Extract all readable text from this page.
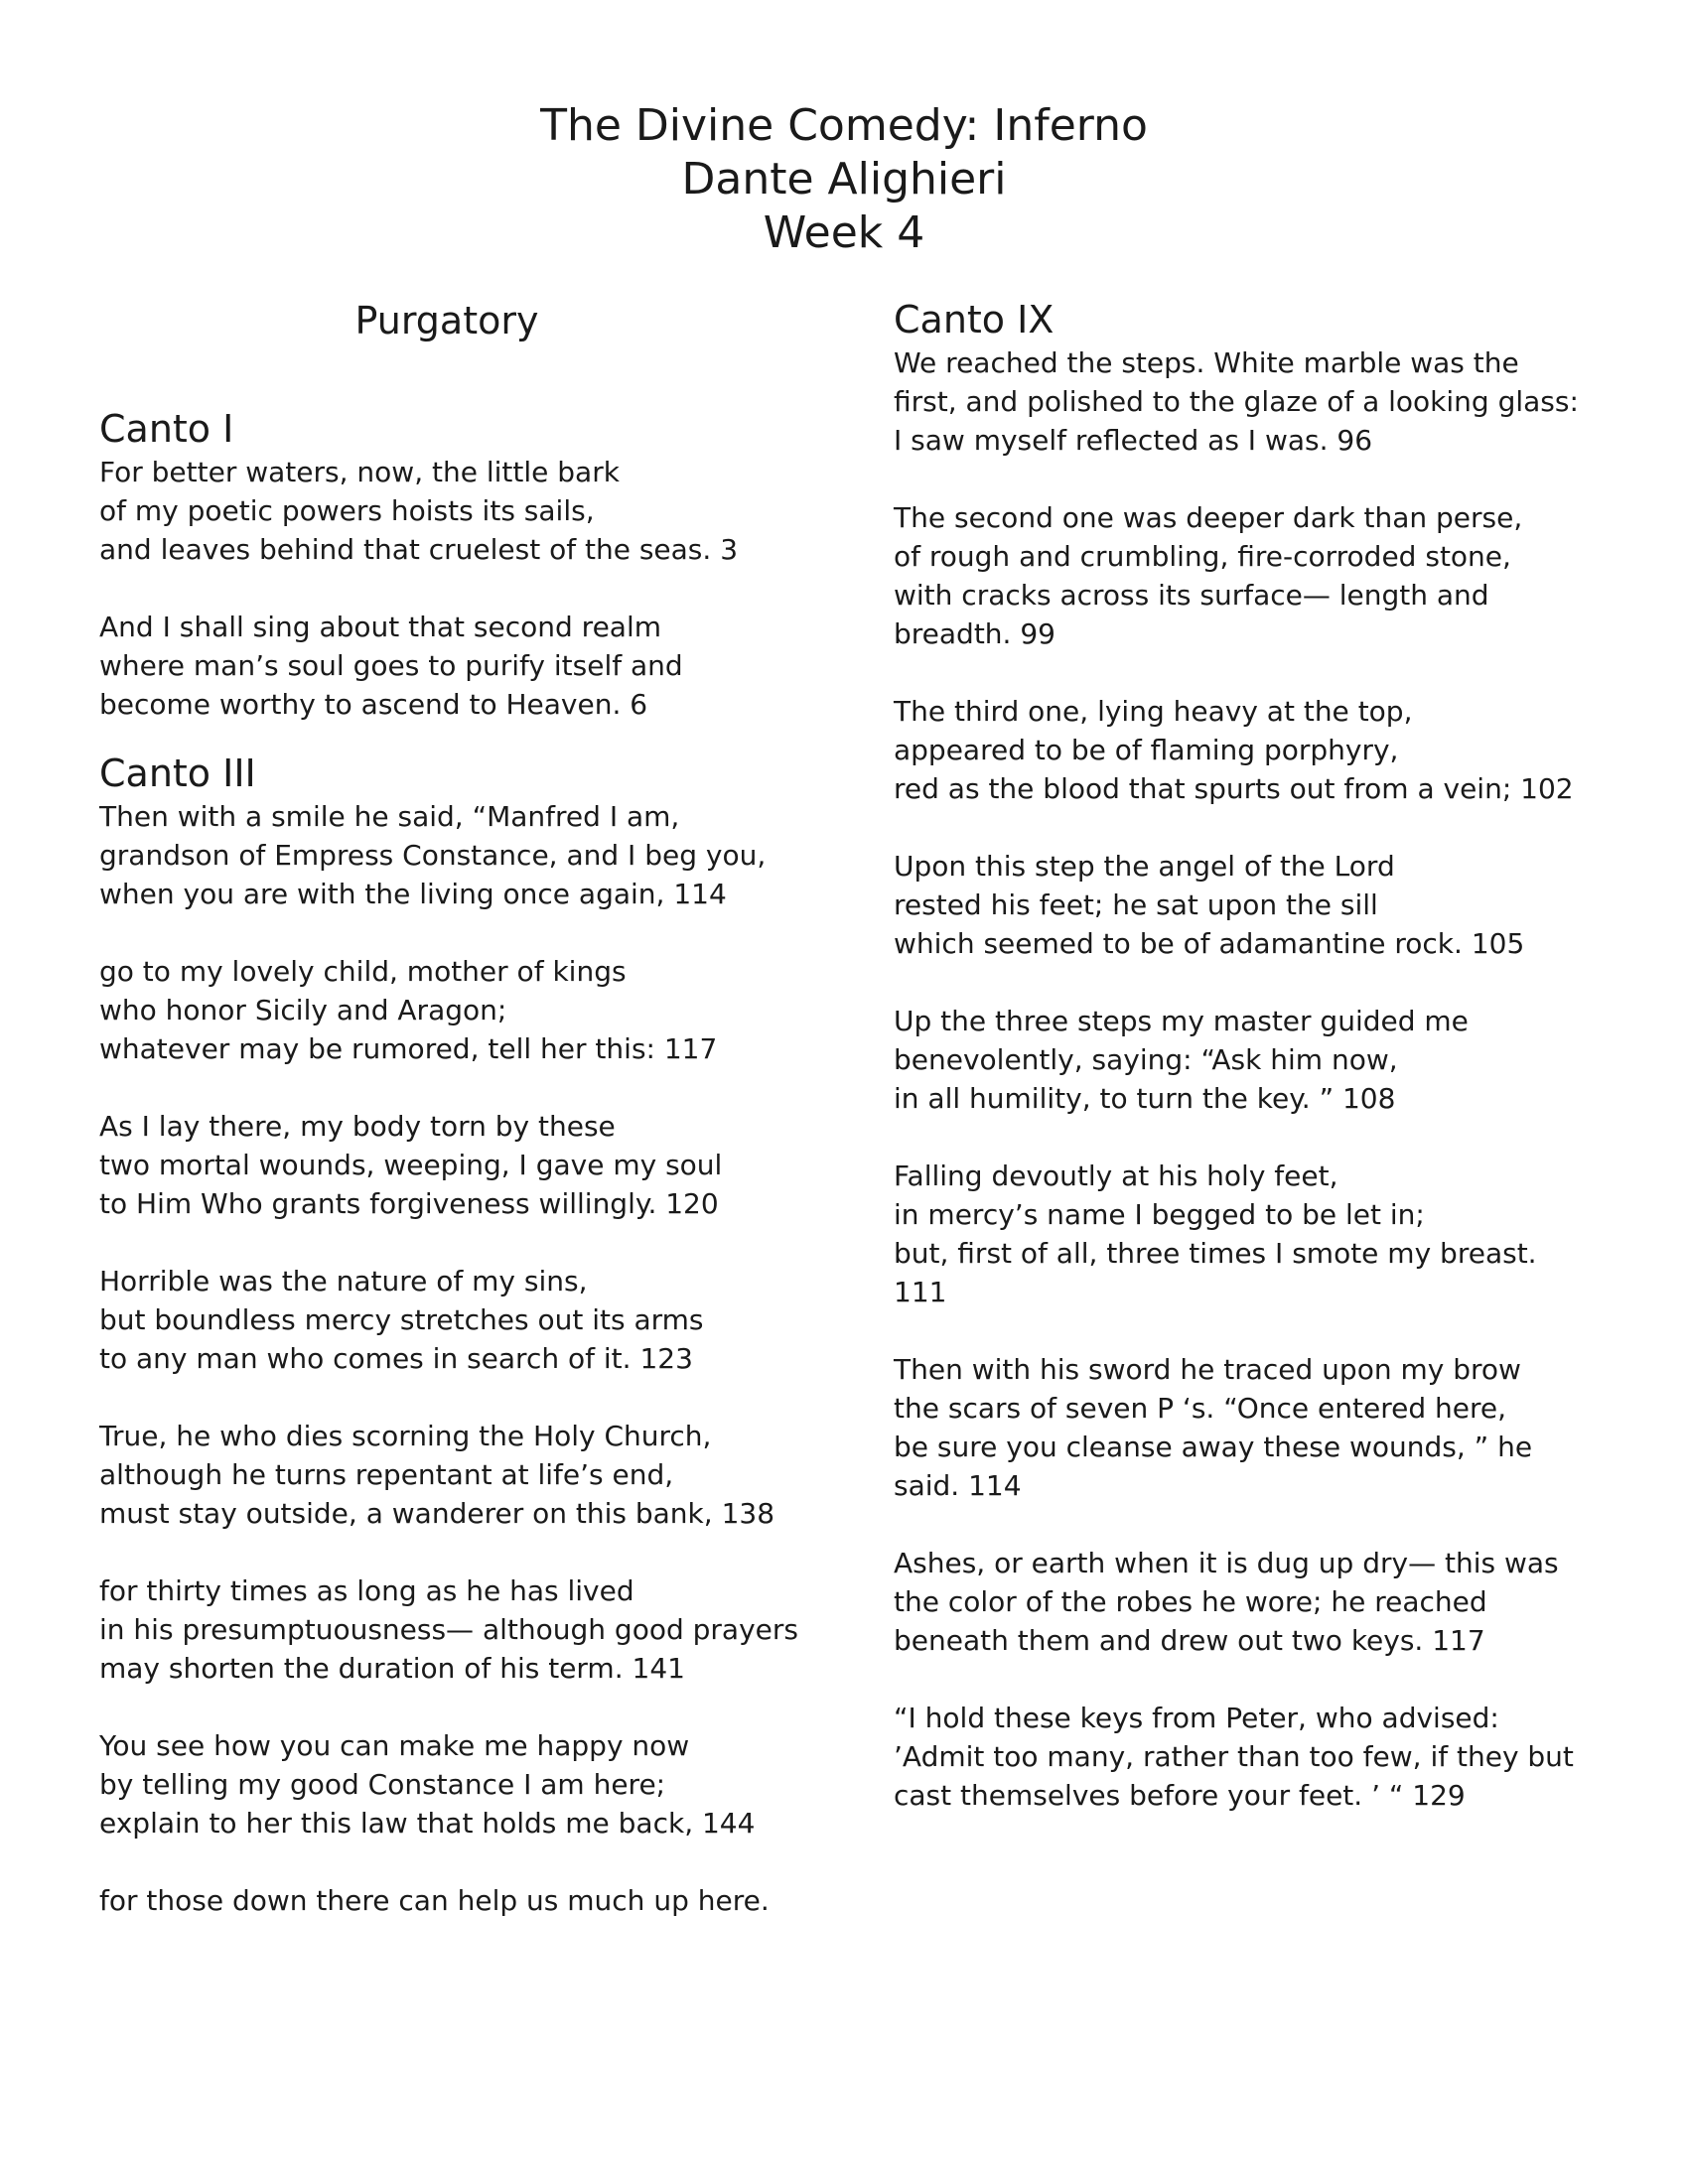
The Divine Comedy: Inferno
Dante Alighieri
Week 4
Purgatory
Canto I
For better waters, now, the little bark
of my poetic powers hoists its sails,
and leaves behind that cruelest of the seas. 3
And I shall sing about that second realm
where man’s soul goes to purify itself and
become worthy to ascend to Heaven. 6
Canto III
Then with a smile he said, “Manfred I am,
grandson of Empress Constance, and I beg you,
when you are with the living once again, 114
go to my lovely child, mother of kings
who honor Sicily and Aragon;
whatever may be rumored, tell her this: 117
As I lay there, my body torn by these
two mortal wounds, weeping, I gave my soul
to Him Who grants forgiveness willingly. 120
Horrible was the nature of my sins,
but boundless mercy stretches out its arms
to any man who comes in search of it. 123
True, he who dies scorning the Holy Church,
although he turns repentant at life’s end,
must stay outside, a wanderer on this bank, 138
for thirty times as long as he has lived
in his presumptuousness— although good prayers
may shorten the duration of his term. 141
You see how you can make me happy now
by telling my good Constance I am here;
explain to her this law that holds me back, 144
for those down there can help us much up here.
Canto IX
We reached the steps. White marble was the
first, and polished to the glaze of a looking glass:
I saw myself reflected as I was. 96
The second one was deeper dark than perse,
of rough and crumbling, fire-corroded stone,
with cracks across its surface— length and
breadth. 99
The third one, lying heavy at the top,
appeared to be of flaming porphyry,
red as the blood that spurts out from a vein; 102
Upon this step the angel of the Lord
rested his feet; he sat upon the sill
which seemed to be of adamantine rock. 105
Up the three steps my master guided me
benevolently, saying: “Ask him now,
in all humility, to turn the key. ” 108
Falling devoutly at his holy feet,
in mercy’s name I begged to be let in;
but, first of all, three times I smote my breast.
111
Then with his sword he traced upon my brow
the scars of seven P ‘s. “Once entered here,
be sure you cleanse away these wounds, ” he
said. 114
Ashes, or earth when it is dug up dry— this was
the color of the robes he wore; he reached
beneath them and drew out two keys. 117
“I hold these keys from Peter, who advised:
’Admit too many, rather than too few, if they but
cast themselves before your feet. ’ “ 129
